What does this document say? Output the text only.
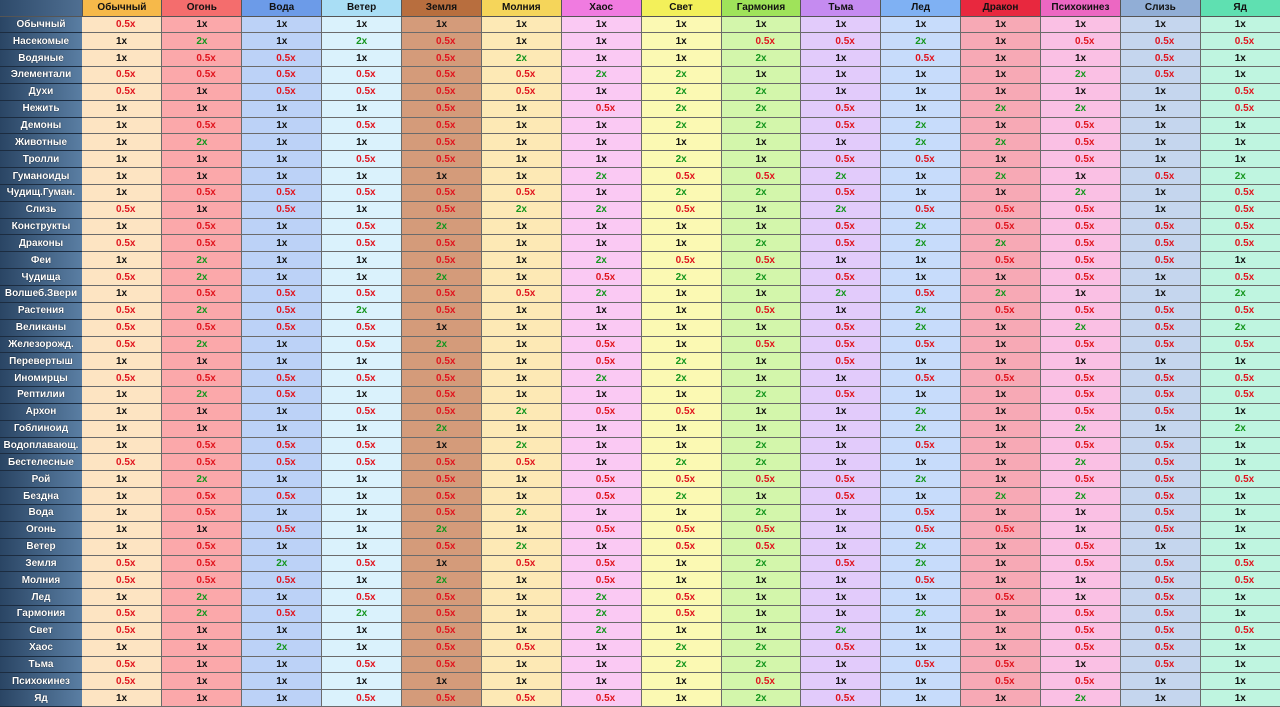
	Обычный	Огонь	Вода	Ветер	Земля	Молния	Хаос	Свет	Гармония	Тьма	Лед	Дракон	Психокинез	Слизь	Яд
Обычный	0.5x	1x	1x	1x	1x	1x	1x	1x	1x	1x	1x	1x	1x	1x	1x
Насекомые	1x	2x	1x	2x	0.5x	1x	1x	1x	0.5x	0.5x	2x	1x	0.5x	0.5x	0.5x
Водяные	1x	0.5x	0.5x	1x	0.5x	2x	1x	1x	2x	1x	0.5x	1x	1x	0.5x	1x
Элементали	0.5x	0.5x	0.5x	0.5x	0.5x	0.5x	2x	2x	1x	1x	1x	1x	2x	0.5x	1x
Духи	0.5x	1x	0.5x	0.5x	0.5x	0.5x	1x	2x	2x	1x	1x	1x	1x	1x	0.5x
Нежить	1x	1x	1x	1x	0.5x	1x	0.5x	2x	2x	0.5x	1x	2x	2x	1x	0.5x
Демоны	1x	0.5x	1x	0.5x	0.5x	1x	1x	2x	2x	0.5x	2x	1x	0.5x	1x	1x
Животные	1x	2x	1x	1x	0.5x	1x	1x	1x	1x	1x	2x	2x	0.5x	1x	1x
Тролли	1x	1x	1x	0.5x	0.5x	1x	1x	2x	1x	0.5x	0.5x	1x	0.5x	1x	1x
Гуманоиды	1x	1x	1x	1x	1x	1x	2x	0.5x	0.5x	2x	1x	2x	1x	0.5x	2x
Чудищ.Гуман.	1x	0.5x	0.5x	0.5x	0.5x	0.5x	1x	2x	2x	0.5x	1x	1x	2x	1x	0.5x
Слизь	0.5x	1x	0.5x	1x	0.5x	2x	2x	0.5x	1x	2x	0.5x	0.5x	0.5x	1x	0.5x
Конструкты	1x	0.5x	1x	0.5x	2x	1x	1x	1x	1x	0.5x	2x	0.5x	0.5x	0.5x	0.5x
Драконы	0.5x	0.5x	1x	0.5x	0.5x	1x	1x	1x	2x	0.5x	2x	2x	0.5x	0.5x	0.5x
Феи	1x	2x	1x	1x	0.5x	1x	2x	0.5x	0.5x	1x	1x	0.5x	0.5x	0.5x	1x
Чудища	0.5x	2x	1x	1x	2x	1x	0.5x	2x	2x	0.5x	1x	1x	0.5x	1x	0.5x
Волшеб.Звери	1x	0.5x	0.5x	0.5x	0.5x	0.5x	2x	1x	1x	2x	0.5x	2x	1x	1x	2x
Растения	0.5x	2x	0.5x	2x	0.5x	1x	1x	1x	0.5x	1x	2x	0.5x	0.5x	0.5x	0.5x
Великаны	0.5x	0.5x	0.5x	0.5x	1x	1x	1x	1x	1x	0.5x	2x	1x	2x	0.5x	2x
Железорожд.	0.5x	2x	1x	0.5x	2x	1x	0.5x	1x	0.5x	0.5x	0.5x	1x	0.5x	0.5x	0.5x
Перевертыш	1x	1x	1x	1x	0.5x	1x	0.5x	2x	1x	0.5x	1x	1x	1x	1x	1x
Иномирцы	0.5x	0.5x	0.5x	0.5x	0.5x	1x	2x	2x	1x	1x	0.5x	0.5x	0.5x	0.5x	0.5x
Рептилии	1x	2x	0.5x	1x	0.5x	1x	1x	1x	2x	0.5x	1x	1x	0.5x	0.5x	0.5x
Архон	1x	1x	1x	0.5x	0.5x	2x	0.5x	0.5x	1x	1x	2x	1x	0.5x	0.5x	1x
Гоблиноид	1x	1x	1x	1x	2x	1x	1x	1x	1x	1x	2x	1x	2x	1x	2x
Водоплавающ.	1x	0.5x	0.5x	0.5x	1x	2x	1x	1x	2x	1x	0.5x	1x	0.5x	0.5x	1x
Бестелесные	0.5x	0.5x	0.5x	0.5x	0.5x	0.5x	1x	2x	2x	1x	1x	1x	2x	0.5x	1x
Рой	1x	2x	1x	1x	0.5x	1x	0.5x	0.5x	0.5x	0.5x	2x	1x	0.5x	0.5x	0.5x
Бездна	1x	0.5x	0.5x	1x	0.5x	1x	0.5x	2x	1x	0.5x	1x	2x	2x	0.5x	1x
Вода	1x	0.5x	1x	1x	0.5x	2x	1x	1x	2x	1x	0.5x	1x	1x	0.5x	1x
Огонь	1x	1x	0.5x	1x	2x	1x	0.5x	0.5x	0.5x	1x	0.5x	0.5x	1x	0.5x	1x
Ветер	1x	0.5x	1x	1x	0.5x	2x	1x	0.5x	0.5x	1x	2x	1x	0.5x	1x	1x
Земля	0.5x	0.5x	2x	0.5x	1x	0.5x	0.5x	1x	2x	0.5x	2x	1x	0.5x	0.5x	0.5x
Молния	0.5x	0.5x	0.5x	1x	2x	1x	0.5x	1x	1x	1x	0.5x	1x	1x	0.5x	0.5x
Лед	1x	2x	1x	0.5x	0.5x	1x	2x	0.5x	1x	1x	1x	0.5x	1x	0.5x	1x
Гармония	0.5x	2x	0.5x	2x	0.5x	1x	2x	0.5x	1x	1x	2x	1x	0.5x	0.5x	1x
Свет	0.5x	1x	1x	1x	0.5x	1x	2x	1x	1x	2x	1x	1x	0.5x	0.5x	0.5x
Хаос	1x	1x	2x	1x	0.5x	0.5x	1x	2x	2x	0.5x	1x	1x	0.5x	0.5x	1x
Тьма	0.5x	1x	1x	0.5x	0.5x	1x	1x	2x	2x	1x	0.5x	0.5x	1x	0.5x	1x
Психокинез	0.5x	1x	1x	1x	1x	1x	1x	1x	0.5x	1x	1x	0.5x	0.5x	1x	1x
Яд	1x	1x	1x	0.5x	0.5x	0.5x	0.5x	1x	2x	0.5x	1x	1x	2x	1x	1x
